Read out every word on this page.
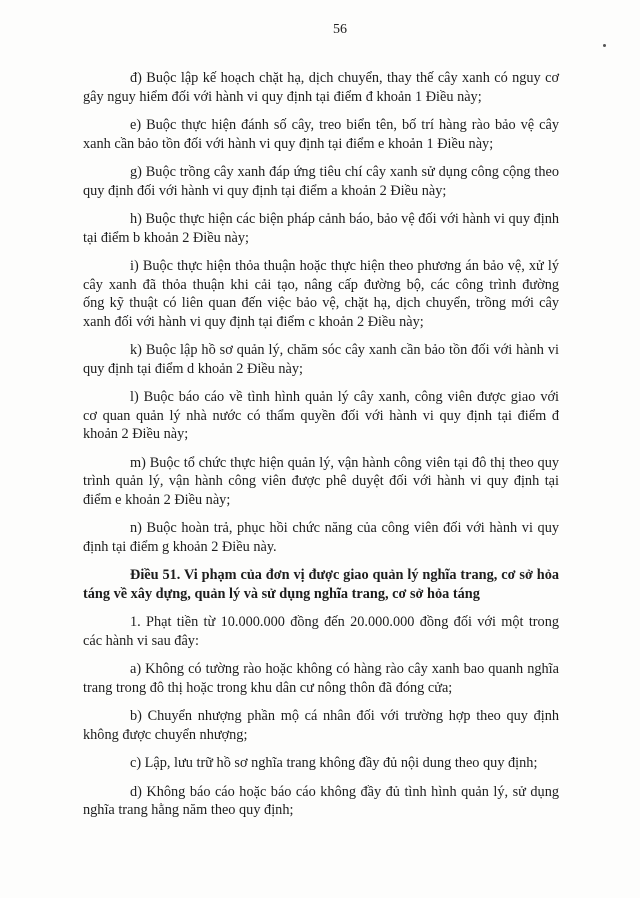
56
đ) Buộc lập kế hoạch chặt hạ, dịch chuyển, thay thế cây xanh có nguy cơ
gây nguy hiểm đối với hành vi quy định tại điểm đ khoản 1 Điều này;
e) Buộc thực hiện đánh số cây, treo biển tên, bố trí hàng rào bảo vệ cây
xanh cần bảo tồn đối với hành vi quy định tại điểm e khoản 1 Điều này;
g) Buộc trồng cây xanh đáp ứng tiêu chí cây xanh sử dụng công cộng theo
quy định đối với hành vi quy định tại điểm a khoản 2 Điều này;
h) Buộc thực hiện các biện pháp cảnh báo, bảo vệ đối với hành vi quy định
tại điểm b khoản 2 Điều này;
i) Buộc thực hiện thỏa thuận hoặc thực hiện theo phương án bảo vệ, xử lý
cây xanh đã thỏa thuận khi cải tạo, nâng cấp đường bộ, các công trình đường
ống kỹ thuật có liên quan đến việc bảo vệ, chặt hạ, dịch chuyển, trồng mới cây
xanh đối với hành vi quy định tại điểm c khoản 2 Điều này;
k) Buộc lập hồ sơ quản lý, chăm sóc cây xanh cần bảo tồn đối với hành vi
quy định tại điểm d khoản 2 Điều này;
l) Buộc báo cáo về tình hình quản lý cây xanh, công viên được giao với
cơ quan quản lý nhà nước có thẩm quyền đối với hành vi quy định tại điểm đ
khoản 2 Điều này;
m) Buộc tổ chức thực hiện quản lý, vận hành công viên tại đô thị theo quy
trình quản lý, vận hành công viên được phê duyệt đối với hành vi quy định tại
điểm e khoản 2 Điều này;
n) Buộc hoàn trả, phục hồi chức năng của công viên đối với hành vi quy
định tại điểm g khoản 2 Điều này.
Điều 51. Vi phạm của đơn vị được giao quản lý nghĩa trang, cơ sở hỏa
táng về xây dựng, quản lý và sử dụng nghĩa trang, cơ sở hỏa táng
1. Phạt tiền từ 10.000.000 đồng đến 20.000.000 đồng đối với một trong
các hành vi sau đây:
a) Không có tường rào hoặc không có hàng rào cây xanh bao quanh nghĩa
trang trong đô thị hoặc trong khu dân cư nông thôn đã đóng cửa;
b) Chuyển nhượng phần mộ cá nhân đối với trường hợp theo quy định
không được chuyển nhượng;
c) Lập, lưu trữ hồ sơ nghĩa trang không đầy đủ nội dung theo quy định;
d) Không báo cáo hoặc báo cáo không đầy đủ tình hình quản lý, sử dụng
nghĩa trang hằng năm theo quy định;
